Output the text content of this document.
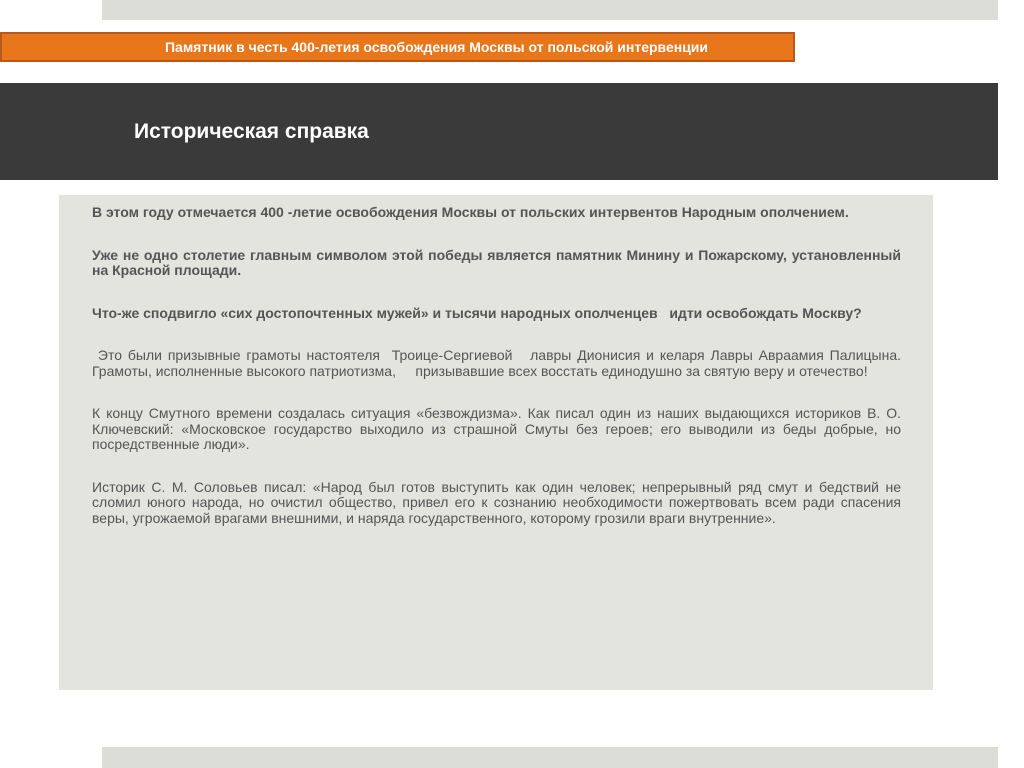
Памятник в честь 400-летия освобождения Москвы от польской интервенции
Историческая справка

В этом году отмечается 400 -летие освобождения Москвы от польских интервентов Народным ополчением.

Уже не одно столетие главным символом этой победы является памятник Минину и Пожарскому, установленный на Красной площади.

Что-же сподвигло «сих достопочтенных мужей» и тысячи народных ополченцев   идти освобождать Москву?

Это были призывные грамоты настоятеля  Троице-Сергиевой   лавры Дионисия и келаря Лавры Авраамия Палицына. Грамоты, исполненные высокого патриотизма,     призывавшие всех восстать единодушно за святую веру и отечество!

К концу Смутного времени создалась ситуация «безвождизма». Как писал один из наших выдающихся историков В. О. Ключевский: «Московское государство выходило из страшной Смуты без героев; его выводили из беды добрые, но посредственные люди».

Историк С. М. Соловьев писал: «Народ был готов выступить как один человек; непрерывный ряд смут и бедствий не сломил юного народа, но очистил общество, привел его к сознанию необходимости пожертвовать всем ради спасения веры, угрожаемой врагами внешними, и наряда государственного, которому грозили враги внутренние».
